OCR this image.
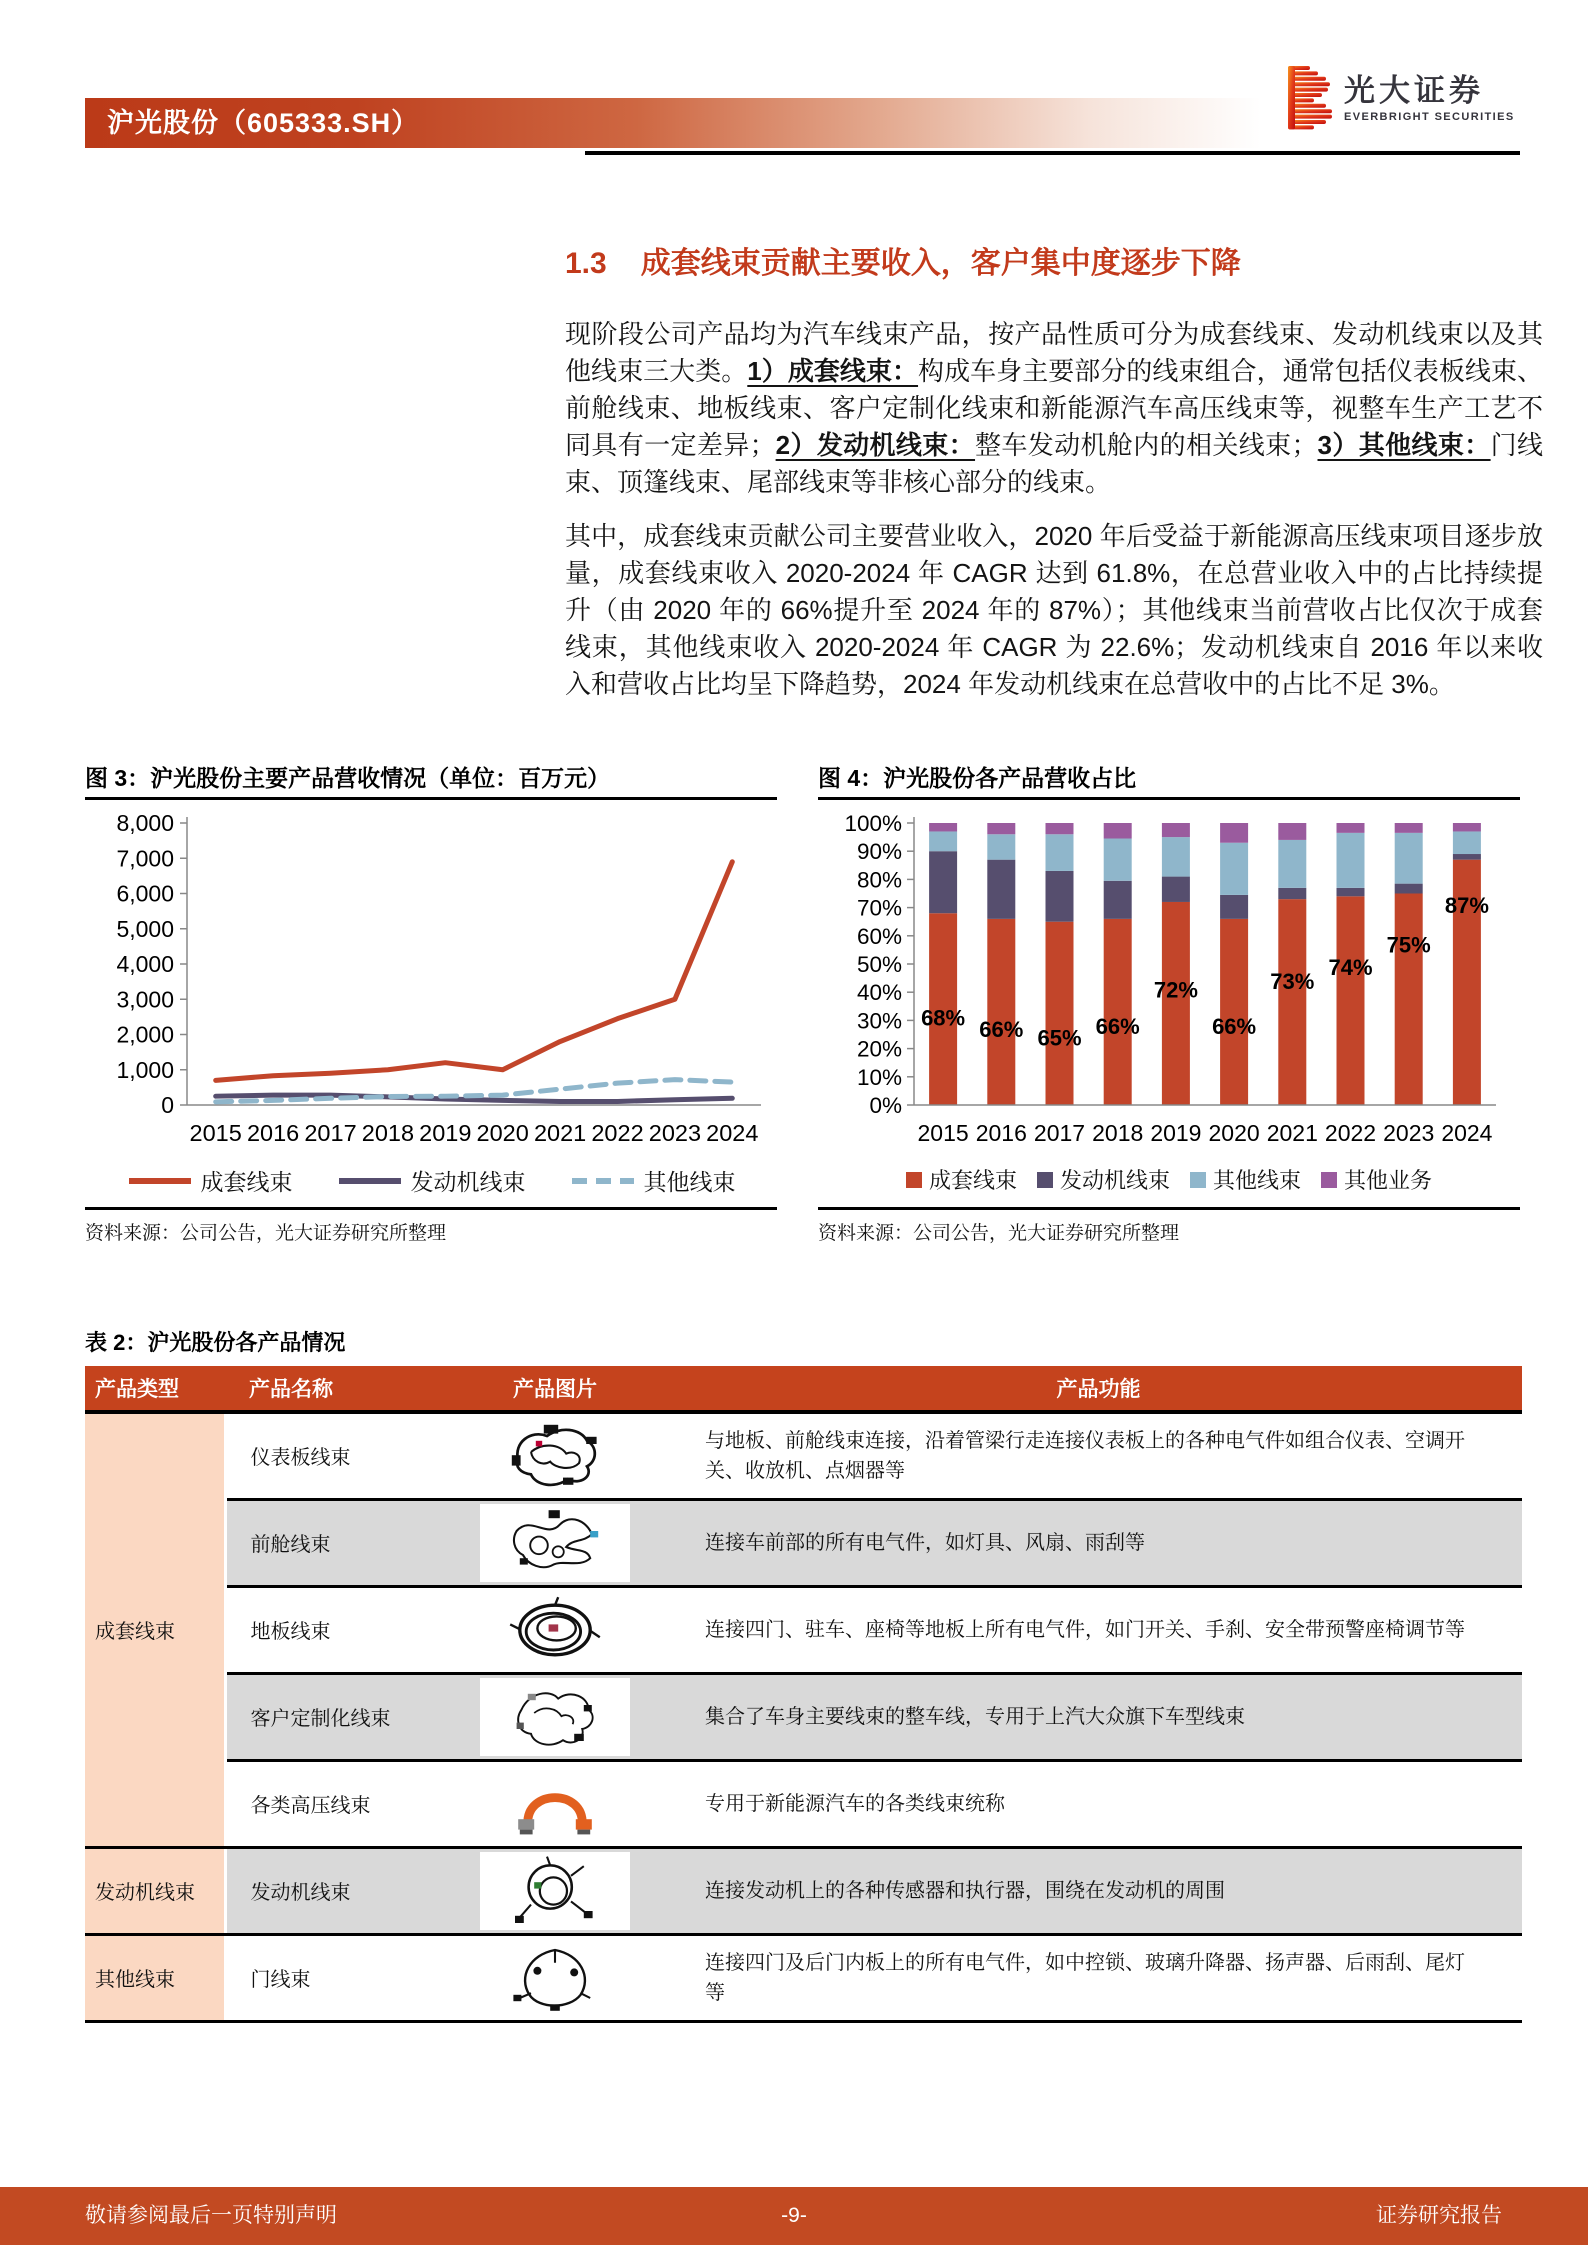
沪光股份（605333.SH）
光大证券
EVERBRIGHT SECURITIES
1.3 成套线束贡献主要收入，客户集中度逐步下降

现阶段公司产品均为汽车线束产品，按产品性质可分为成套线束、发动机线束以及其他线束三大类。1）成套线束：构成车身主要部分的线束组合，通常包括仪表板线束、前舱线束、地板线束、客户定制化线束和新能源汽车高压线束等，视整车生产工艺不同具有一定差异；2）发动机线束：整车发动机舱内的相关线束；3）其他线束：门线束、顶篷线束、尾部线束等非核心部分的线束。

其中，成套线束贡献公司主要营业收入，2020 年后受益于新能源高压线束项目逐步放量，成套线束收入 2020-2024 年 CAGR 达到 61.8%，在总营业收入中的占比持续提升（由 2020 年的 66%提升至 2024 年的 87%）；其他线束当前营收占比仅次于成套线束，其他线束收入 2020-2024 年 CAGR 为 22.6%；发动机线束自 2016 年以来收入和营收占比均呈下降趋势，2024 年发动机线束在总营收中的占比不足 3%。

图 3：沪光股份主要产品营收情况（单位：百万元）
0
1,000
2,000
3,000
4,000
5,000
6,000
7,000
8,000
2015 2016 2017 2018 2019 2020 2021 2022 2023 2024
成套线束	发动机线束	其他线束
资料来源：公司公告，光大证券研究所整理
图 4：沪光股份各产品营收占比
0%
10%
20%
30%
40%
50%
60%
70%
80%
90%
100%
2015
68%
2016
66%
2017
65%
2018
66%
2019
72%
2020
66%
2021
73%
2022
74%
2023
75%
2024
87%
成套线束 发动机线束 其他线束 其他业务
资料来源：公司公告，光大证券研究所整理
表 2：沪光股份各产品情况
产品类型	产品名称	产品图片	产品功能
成套线束	仪表板线束		与地板、前舱线束连接，沿着管梁行走连接仪表板上的各种电气件如组合仪表、空调开关、收放机、点烟器等
	前舱线束		连接车前部的所有电气件，如灯具、风扇、雨刮等
	地板线束		连接四门、驻车、座椅等地板上所有电气件，如门开关、手刹、安全带预警座椅调节等
	客户定制化线束		集合了车身主要线束的整车线，专用于上汽大众旗下车型线束
	各类高压线束		专用于新能源汽车的各类线束统称
发动机线束	发动机线束		连接发动机上的各种传感器和执行器，围绕在发动机的周围
其他线束	门线束		连接四门及后门内板上的所有电气件，如中控锁、玻璃升降器、扬声器、后雨刮、尾灯等
敬请参阅最后一页特别声明	-9-	证券研究报告
